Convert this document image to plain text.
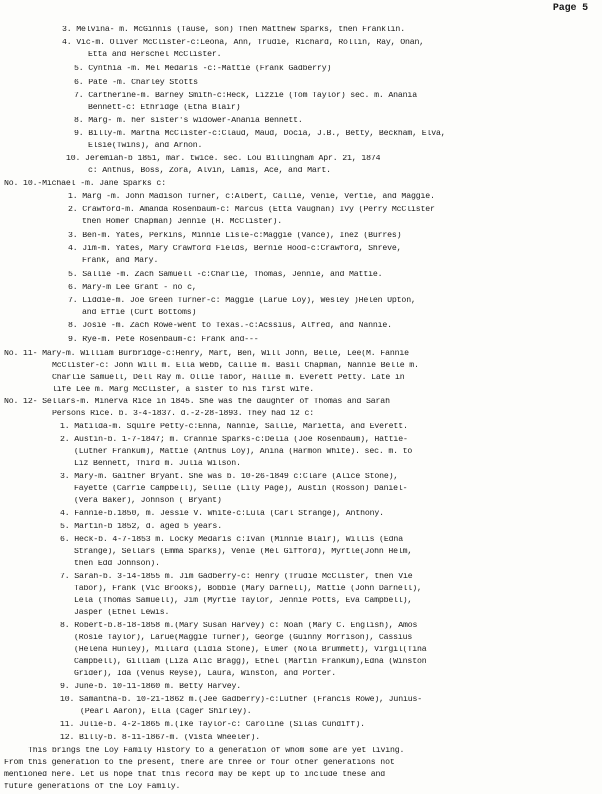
Page 5
3. Melvina- m. McGinnis (Tause, son) Then Matthew Sparks, then Franklin.
4. Vic-m. Oliver McClister-c:Leona, Ann, Trudie, Richard, Rollin, Ray, Onan,
Etta and Herschel McClister.
5. Cynthia -m. Mel Medaris -c:-Mattie (Frank Gadberry)
6. Pate -m. Charley Stotts
7. Cartherine-m. Barney Smith-c:Heck, Lizzie (Tom Taylor) sec. m. Anania
Bennett-c: Ethridge (Etha Blair)
8. Marg- m. her sister's widower-Anania Bennett.
9. Billy-m. Martha McClister-c:Claud, Maud, Docia, J.B., Betty, Beckham, Elva,
Elsie(Twins), and Arnon.
10. Jeremiah-b 1851, mar. twice. sec. Lou Billingham Apr. 21, 1874
c: Anthus, Boss, Zora, Alvin, Lamis, Ace, and Mart.
No. 10.-Michael -m. Jane Sparks c:
1. Marg -m. John Madison Turner, c:Albert, Callie, Venie, Vertie, and Maggie.
2. Crawford-m. Amanda Rosenbaum-c: Marcus (Etta Vaughan) Ivy (Perry McClister
then Homer Chapman) Jennie (H. McClister).
3. Ben-m. Yates, Perkins, Minnie Lisle-c:Maggie (Vance), Inez (Burres)
4. Jim-m. Yates, Mary Crawford Fields, Bernie Hood-c:Crawford, Shreve,
Frank, and Mary.
5. Sallie -m. Zach Samuell -c:Charlie, Thomas, Jennie, and Mattie.
6. Mary-m Lee Grant - no c,
7. Liddie-m. Joe Green Turner-c: Maggie (Larue Loy), Wesley )Helen Upton,
and Effie (Curt Bottoms)
8. Josie -m. Zach Rowe-went to Texas.-c:Acssius, Alfred, and Nannie.
9. Rye-m. Pete Rosenbaum-c: Frank and---
No. 11- Mary-m. William Burbridge-c:Henry, Mart, Ben, Will John, Belle, Lee(M. Fannie
McClister-c: John Will m. Ella Webb, Callie m. Basil Chapman, Nannie Belle m.
Charlie Samuell, Dell Ray m. Ollie Tabor, Hallie m. Everett Petty. Late in
life Lee m. Marg McClister, a sister to his first wife.
No. 12- Sellars-m. Minerva Rice in 1845. She was the daughter of Thomas and Sarah
Persons Rice. b. 3-4-1837. d.-2-28-1893. They had 12 c:
1. Matilda-m. Squire Petty-c:Enna, Nannie, Sallie, Marietta, and Everett.
2. Austin-b. 1-7-1847; m. Crannie Sparks-c:Delia (Joe Rosenbaum), Hattie-
(Luther Frankum), Mattie (Anthus Loy), Anina (Harmon White). sec. m. to
Liz Bennett, Third m. Julia Wilson.
3. Mary-m. Gaither Bryant. She was b. 10-26-1849 c:Clare (Alice Stone),
Fayette (Carrie Campbell), Sellie (Lily Page), Austin (Rosson) Daniel-
(Vera Baker), Johnson ( Bryant)
4. Fannie-b.1850, m. Jessie V. White-c:Lula (Carl Strange), Anthony.
5. Martin-b 1852, d. aged 5 years.
6. Heck-b. 4-7-1853 m. Locky Medaris c:Ivan (Minnie Blair), Willis (Edna
Strange), Sellars (Emma Sparks), Venie (Mel Gifford), Myrtle(John Helm,
then Edd Johnson).
7. Sarah-b. 3-14-1855 m. Jim Gadberry-c: Henry (Trudie McClister, then Vie
Tabor), Frank (Vic Brooks), Bobbie (Mary Darnell), Mattie (John Darnell),
Lela (Thomas Samuell), Jim (Myrtie Taylor, Jennie Potts, Eva Campbell),
Jasper (Ethel Lewis.
8. Robert-b.8-18-1858 m.(Mary Susan Harvey) c: Noah (Mary C. English), Amos
(Rosie Taylor), Larue(Maggie Turner), George (Guinny Morrison), Cassius
(Helena Hunley), Millard (Lidia Stone), Elmer (Nola Brummett), Virgil(Tina
Campbell), Gilliam (Liza Alic Bragg), Ethel (Martin Frankum),Edna (Winston
Grider), Ida (Venus Reyse), Laura, Winston, and Porter.
9. June-b. 10-11-1860 m. Betty Harvey.
10. Samantha-b. 10-21-1862 m.(Jee Gadberry)-c:Luther (Francis Rowe), Junius-
(Pearl Aaron), Ella (Cager Shirley).
11. Julie-b. 4-2-1865 m.(Ike Taylor-c: Caroline (Silas Cundiff).
12. Billy-b. 8-11-1867-m. (Vista Wheeler).
This brings the Loy Family History to a generation of whom some are yet living.
From this generation to the present, there are three or four other generations not
mentioned here. Let us hope that this record may be kept up to include these and
future generations of the Loy Family.
